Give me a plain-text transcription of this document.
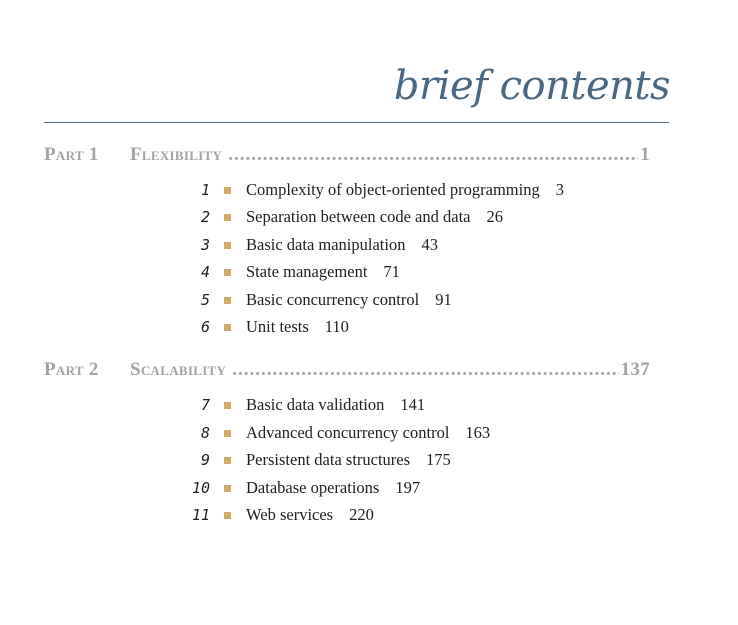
brief contents
Part 1	Flexibility .....	1
1 Complexity of object-oriented programming 3
2 Separation between code and data 26
3 Basic data manipulation 43
4 State management 71
5 Basic concurrency control 91
6 Unit tests 110
Part 2	Scalability .....	137
7 Basic data validation 141
8 Advanced concurrency control 163
9 Persistent data structures 175
10 Database operations 197
11 Web services 220
